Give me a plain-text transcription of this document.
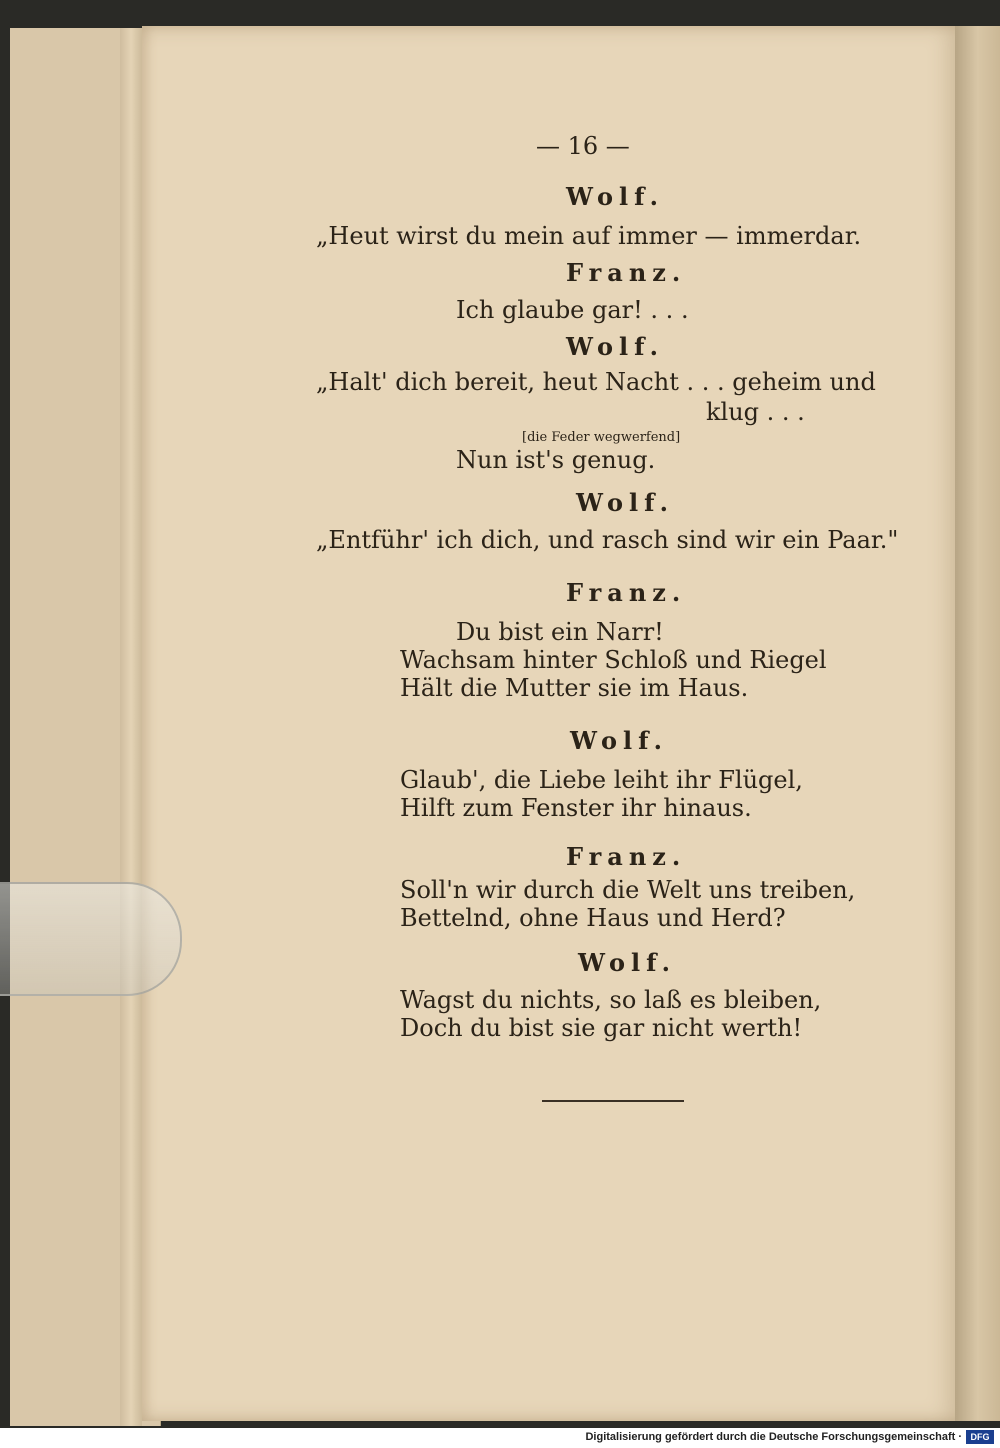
— 16 —
Wolf.
„Heut wirst du mein auf immer — immerdar.
Franz.
Ich glaube gar! . . .
Wolf.
„Halt' dich bereit, heut Nacht . . . geheim und
klug . . .
[die Feder wegwerfend]
Nun ist's genug.
Wolf.
„Entführ' ich dich, und rasch sind wir ein Paar."
Franz.
Du bist ein Narr!
Wachsam hinter Schloß und Riegel
Hält die Mutter sie im Haus.
Wolf.
Glaub', die Liebe leiht ihr Flügel,
Hilft zum Fenster ihr hinaus.
Franz.
Soll'n wir durch die Welt uns treiben,
Bettelnd, ohne Haus und Herd?
Wolf.
Wagst du nichts, so laß es bleiben,
Doch du bist sie gar nicht werth!
Digitalisierung gefördert durch die Deutsche Forschungsgemeinschaft · DFG
